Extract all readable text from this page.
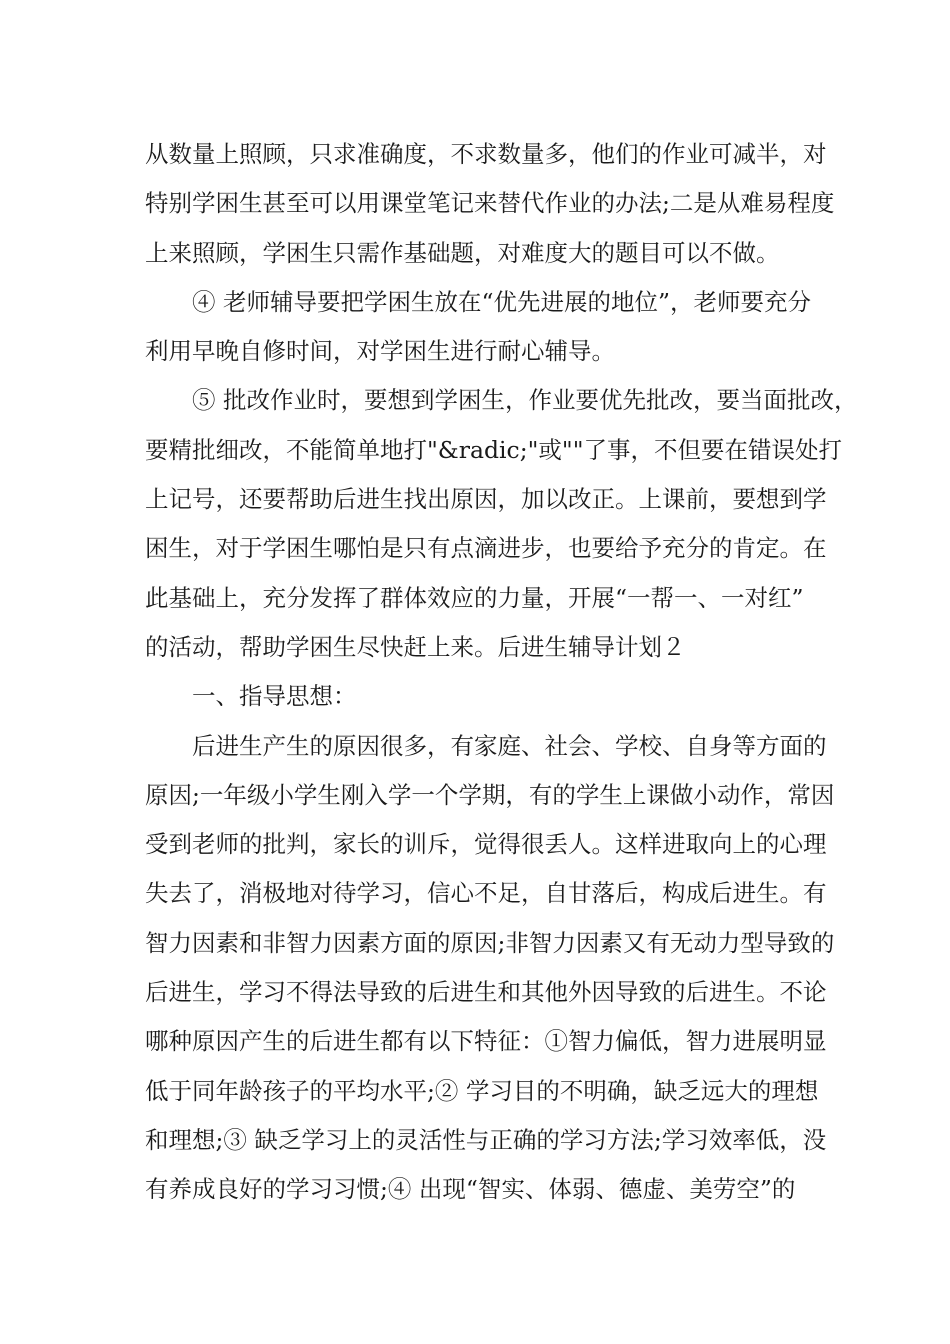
从数量上照顾，只求准确度，不求数量多，他们的作业可减半，对
特别学困生甚至可以用课堂笔记来替代作业的办法;二是从难易程度
上来照顾，学困生只需作基础题，对难度大的题目可以不做。
④ 老师辅导要把学困生放在“优先进展的地位”，老师要充分
利用早晚自修时间，对学困生进行耐心辅导。
⑤ 批改作业时，要想到学困生，作业要优先批改，要当面批改，
要精批细改，不能简单地打"&radic;"或""了事，不但要在错误处打
上记号，还要帮助后进生找出原因，加以改正。上课前，要想到学
困生，对于学困生哪怕是只有点滴进步，也要给予充分的肯定。在
此基础上，充分发挥了群体效应的力量，开展“一帮一、一对红”
的活动，帮助学困生尽快赶上来。后进生辅导计划２
一、指导思想：
后进生产生的原因很多，有家庭、社会、学校、自身等方面的
原因;一年级小学生刚入学一个学期，有的学生上课做小动作，常因
受到老师的批判，家长的训斥，觉得很丢人。这样进取向上的心理
失去了，消极地对待学习，信心不足，自甘落后，构成后进生。有
智力因素和非智力因素方面的原因;非智力因素又有无动力型导致的
后进生，学习不得法导致的后进生和其他外因导致的后进生。不论
哪种原因产生的后进生都有以下特征：①智力偏低，智力进展明显
低于同年龄孩子的平均水平;② 学习目的不明确，缺乏远大的理想
和理想;③ 缺乏学习上的灵活性与正确的学习方法;学习效率低，没
有养成良好的学习习惯;④ 出现“智实、体弱、德虚、美劳空”的
